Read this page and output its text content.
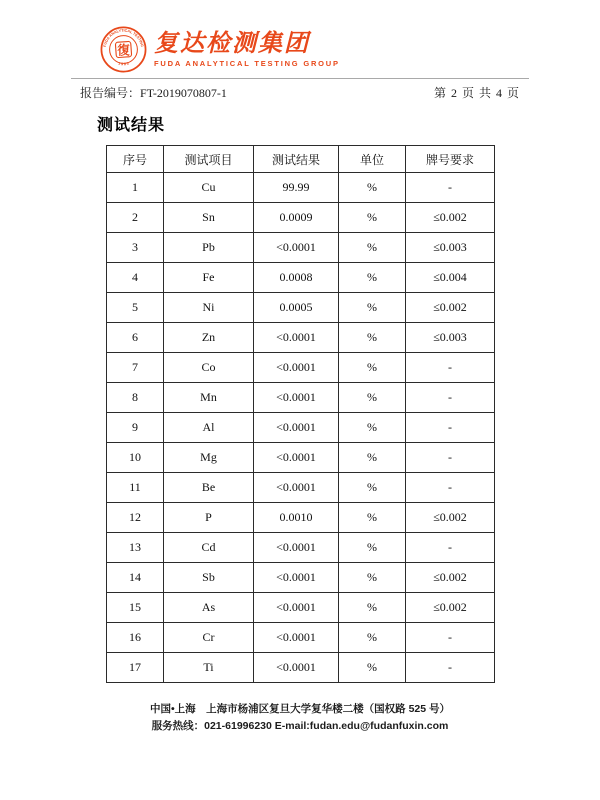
FUDA ANALYTICAL TESTING
1 9 8 3
復 复达检测集团
FUDA ANALYTICAL TESTING GROUP
报告编号：FT-2019070807-1	第 2 页 共 4 页
测试结果
序号	测试项目	测试结果	单位	牌号要求
1	Cu	99.99	%	-
2	Sn	0.0009	%	≤0.002
3	Pb	<0.0001	%	≤0.003
4	Fe	0.0008	%	≤0.004
5	Ni	0.0005	%	≤0.002
6	Zn	<0.0001	%	≤0.003
7	Co	<0.0001	%	-
8	Mn	<0.0001	%	-
9	Al	<0.0001	%	-
10	Mg	<0.0001	%	-
11	Be	<0.0001	%	-
12	P	0.0010	%	≤0.002
13	Cd	<0.0001	%	-
14	Sb	<0.0001	%	≤0.002
15	As	<0.0001	%	≤0.002
16	Cr	<0.0001	%	-
17	Ti	<0.0001	%	-
中国•上海　上海市杨浦区复旦大学复华楼二楼（国权路 525 号）
服务热线：021-61996230 E-mail:fudan.edu@fudanfuxin.com
